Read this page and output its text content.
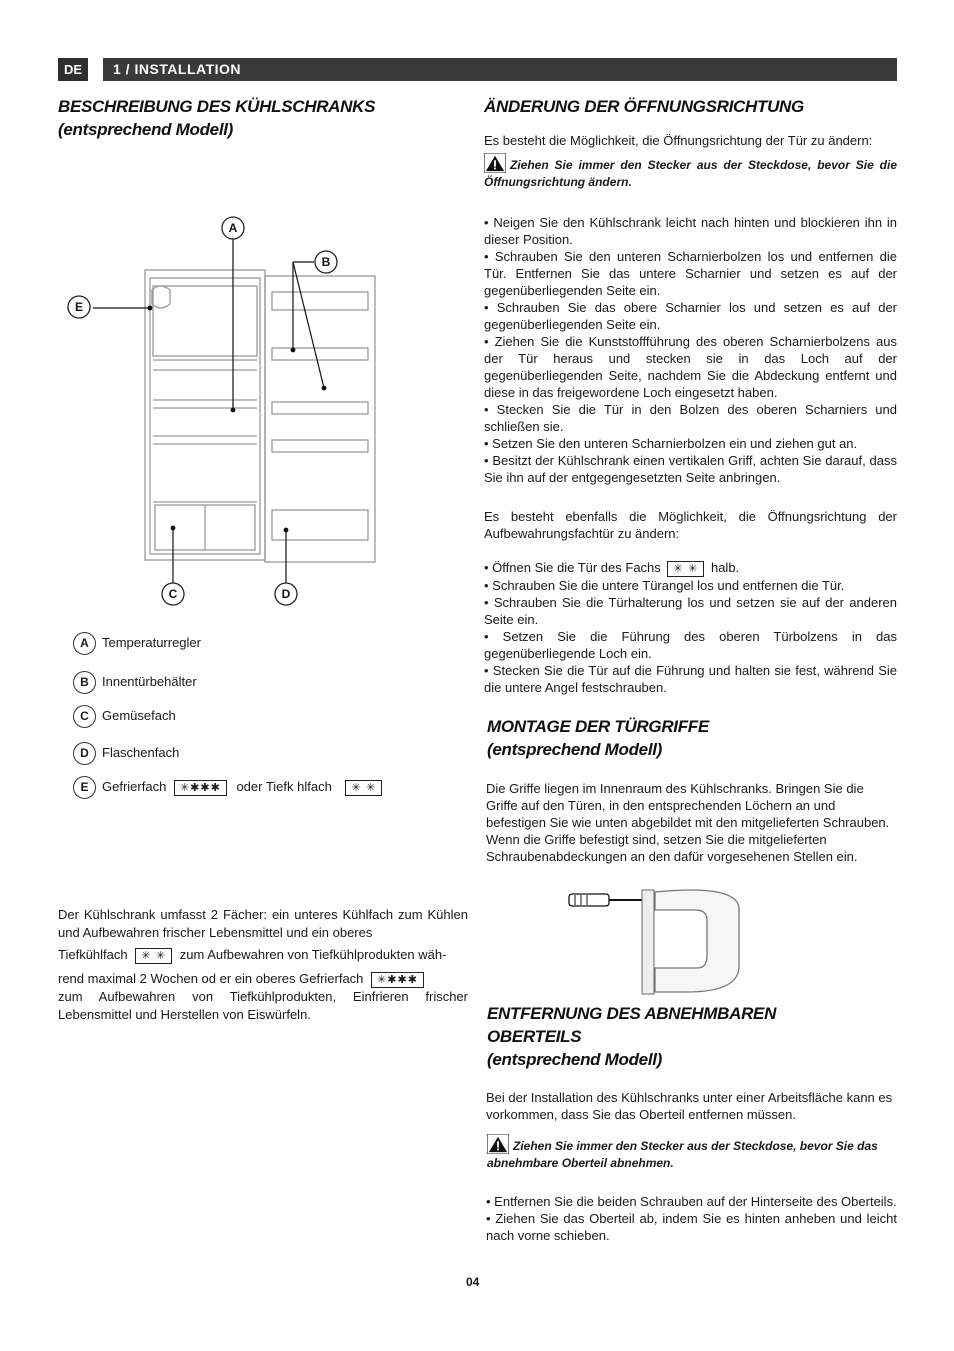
DE	1 / INSTALLATION
BESCHREIBUNG DES KÜHLSCHRANKS
(entsprechend Modell)
A
B
C	D
E
A Temperaturregler
B Innentürbehälter
C Gemüsefach
D Flaschenfach
E Gefrierfach ✳✱✱✱ oder Tiefk hlfach ✳ ✳
Der Kühlschrank umfasst 2 Fächer: ein unteres Kühlfach zum Kühlen und Aufbewahren frischer Lebensmittel und ein oberes
Tiefkühlfach ✳ ✳ zum Aufbewahren von Tiefkühlprodukten wäh-
rend maximal 2 Wochen od er ein oberes Gefrierfach ✳✱✱✱
zum Aufbewahren von Tiefkühlprodukten, Einfrieren frischer Lebensmittel und Herstellen von Eiswürfeln.
ÄNDERUNG DER ÖFFNUNGSRICHTUNG
Es besteht die Möglichkeit, die Öffnungsrichtung der Tür zu ändern:
Ziehen Sie immer den Stecker aus der Steckdose, bevor Sie die Öffnungsrichtung ändern.
• Neigen Sie den Kühlschrank leicht nach hinten und blockieren ihn in dieser Position.
• Schrauben Sie den unteren Scharnierbolzen los und entfernen die Tür. Entfernen Sie das untere Scharnier und setzen es auf der gegenüberliegenden Seite ein.
• Schrauben Sie das obere Scharnier los und setzen es auf der gegenüberliegenden Seite ein.
• Ziehen Sie die Kunststoffführung des oberen Scharnierbolzens aus der Tür heraus und stecken sie in das Loch auf der gegenüberliegenden Seite, nachdem Sie die Abdeckung entfernt und diese in das freigewordene Loch eingesetzt haben.
• Stecken Sie die Tür in den Bolzen des oberen Scharniers und schließen sie.
• Setzen Sie den unteren Scharnierbolzen ein und ziehen gut an.
• Besitzt der Kühlschrank einen vertikalen Griff, achten Sie darauf, dass Sie ihn auf der entgegengesetzten Seite anbringen.
Es besteht ebenfalls die Möglichkeit, die Öffnungsrichtung der Aufbewahrungsfachtür zu ändern:
• Öffnen Sie die Tür des Fachs ✳ ✳ halb.
• Schrauben Sie die untere Türangel los und entfernen die Tür.
• Schrauben Sie die Türhalterung los und setzen sie auf der anderen Seite ein.
• Setzen Sie die Führung des oberen Türbolzens in das gegenüberliegende Loch ein.
• Stecken Sie die Tür auf die Führung und halten sie fest, während Sie die untere Angel festschrauben.
MONTAGE DER TÜRGRIFFE
(entsprechend Modell)
Die Griffe liegen im Innenraum des Kühlschranks. Bringen Sie die Griffe auf den Türen, in den entsprechenden Löchern an und befestigen Sie wie unten abgebildet mit den mitgelieferten Schrauben.
Wenn die Griffe befestigt sind, setzen Sie die mitgelieferten Schraubenabdeckungen an den dafür vorgesehenen Stellen ein.
ENTFERNUNG DES ABNEHMBAREN
OBERTEILS
(entsprechend Modell)
Bei der Installation des Kühlschranks unter einer Arbeitsfläche kann es vorkommen, dass Sie das Oberteil entfernen müssen.
Ziehen Sie immer den Stecker aus der Steckdose, bevor Sie das abnehmbare Oberteil abnehmen.
• Entfernen Sie die beiden Schrauben auf der Hinterseite des Oberteils.
• Ziehen Sie das Oberteil ab, indem Sie es hinten anheben und leicht nach vorne schieben.
04
